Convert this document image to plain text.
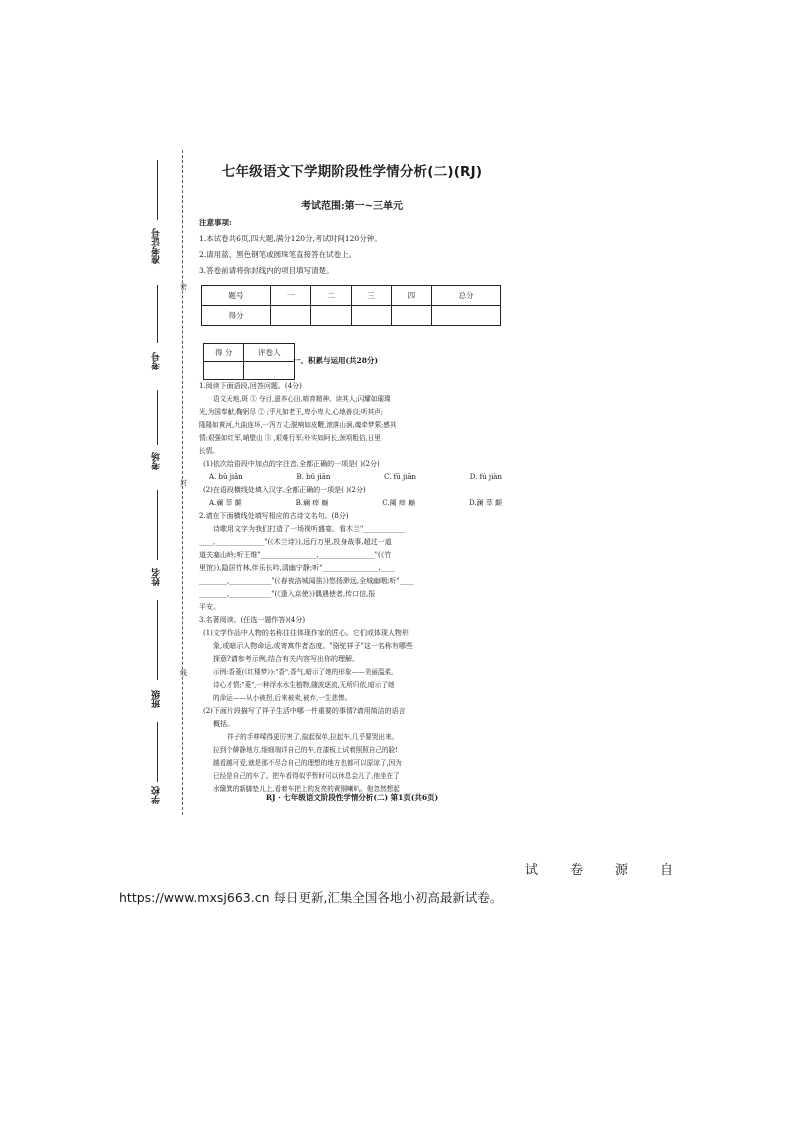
准考证号
考号
考场
姓名
班级
学校
密
封
线
七年级语文下学期阶段性学情分析(二)(RJ)
考试范围:第一~三单元
注意事项:
1.本试卷共6页,四大题,满分120分,考试时间120分钟。
2.请用蓝、黑色钢笔或圆珠笔直接答在试卷上。
3.答卷前请将弥封线内的项目填写清楚。
题号	一	二	三	四	总分
得分					
得 分	评卷人

一、积累与运用(共28分)

1.阅读下面语段,回答问题。(4分)

语文天地,斑 ① 夺目,滋养心田,唷育精神。读其人;闪耀如璀璨

光,为国奉献,鞠躬尽 ② ;乎凡如老王,卑小卑大,心地善良;听其声;

隆隆如黄河,九曲连环,一泻万丈;脱响如皮鞭,滚落山涧,魂牵梦萦;感其

情;艰强如红军,峭壁山 ③ ,艰难行军;朴实如阿长,颈项粗俗,日里

长情。

(1)依次给语段中加点的字注音,全都正确的一项是( )(2分)

A. bū jiān	B. bǔ jiān	C. fū jiān	D. fú jiàn

(2)在语段横线处填入汉字,全都正确的一项是( )(2分)

A.斓 萃 颠	B.斓 瘁 巅	C.阑 瘁 巅	D.澜 萃 颠

2.请在下面横线处填写相应的古诗文名句。(8分)

诗歌用文字为我们打造了一场视听盛宴。看木兰"____________

____,______________"(《木兰诗》),远行万里,投身战事,超过一道

道关塞山岭;听王维"________________,________________"(《竹

里馆》),隐居竹林,伴乐长吟,清幽宁静;听"________________,____

________,____________"(《春夜洛城闻笛》)悠扬渺远,全城幽咽;听"____

________,____________"(《逢入京使》)偶遇使者,传口信,报

平安。

3.名著阅读。(任选一题作答)(4分)

(1)文学作品中人物的名称往往体现作家的匠心。它们或体现人物形

象,或暗示人物命运,或寄寓作者态度。"骆驼祥子"这一名称有哪些

探意?请参考示例,结合有关内容写出你的理解。

示例:香菱(《红楼梦》):"香",香气,暗示了她的形象——美丽温柔,

诗心才情;"菱",一种浮水水生植物,随波逐流,无所归依,暗示了她

的命运——从小被拐,后来被卖,被弃,一生悲惨。

(2)下面片段描写了祥子生活中哪一件重要的事情?请用简洁的语言

概括。

祥子的手哆嗦得更厉害了,揣起保单,拉起车,几乎要哭出来。

拉到个僻静地方,细细端详自己的车,在漆板上试着照照自己的脸!

越看越可爱,就是那不尽合自己的理想的地方也都可以原谅了,因为

已经是自己的车了。把车看得似乎暂时可以休息会儿了,他坐在了

水簸箕的新脚垫儿上,看着车把上的发亮的黄铜喇叭。他忽然想起

RJ · 七年级语文阶段性学情分析(二) 第1页(共6页)
试 卷 源 自
https://www.mxsj663.cn 每日更新,汇集全国各地小初高最新试卷。
